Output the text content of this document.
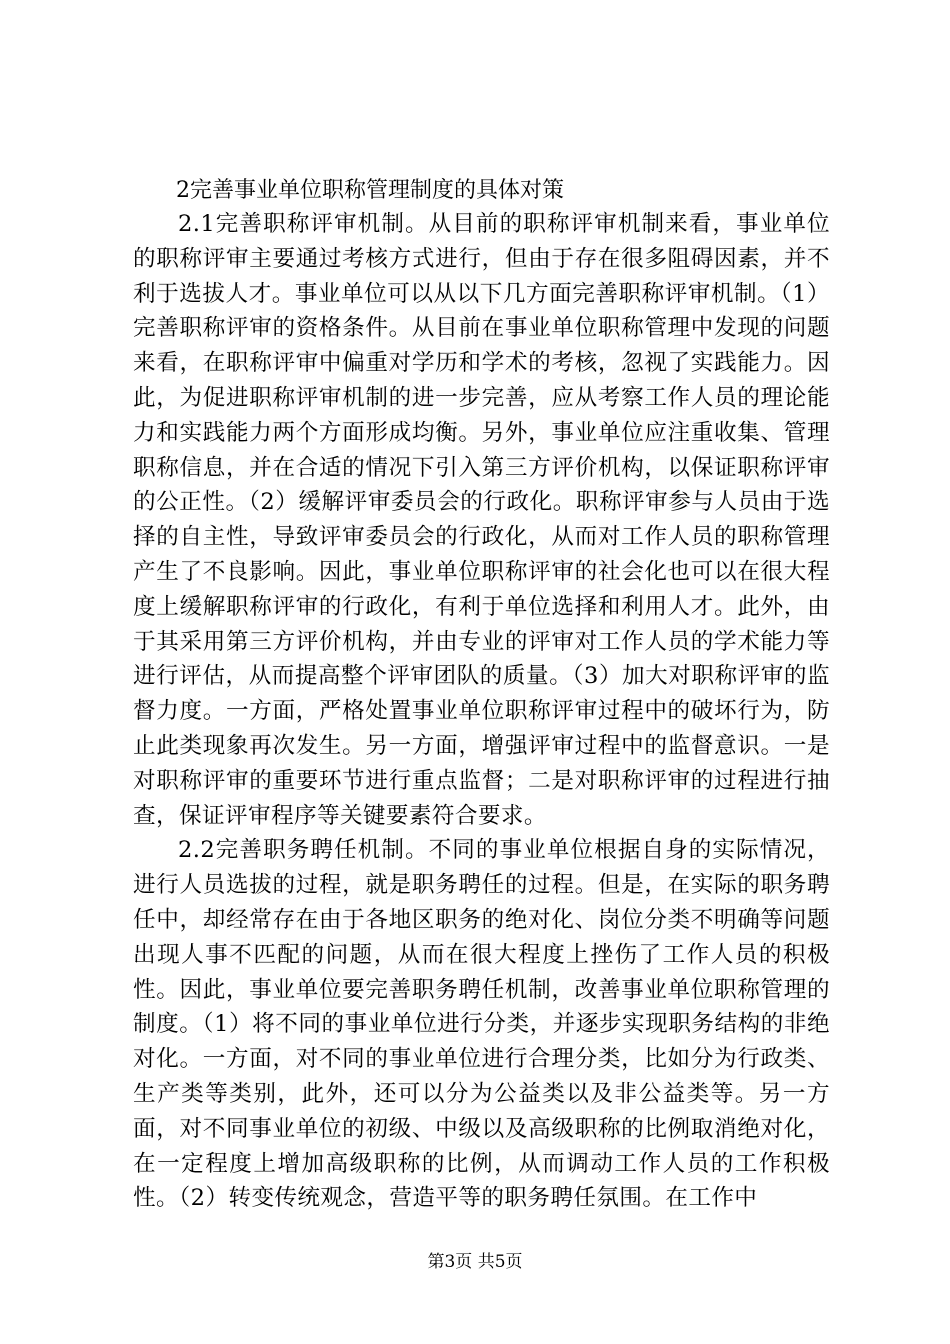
2完善事业单位职称管理制度的具体对策

2.1完善职称评审机制。从目前的职称评审机制来看，事业单位的职称评审主要通过考核方式进行，但由于存在很多阻碍因素，并不利于选拔人才。事业单位可以从以下几方面完善职称评审机制。（1）完善职称评审的资格条件。从目前在事业单位职称管理中发现的问题来看，在职称评审中偏重对学历和学术的考核，忽视了实践能力。因此，为促进职称评审机制的进一步完善，应从考察工作人员的理论能力和实践能力两个方面形成均衡。另外，事业单位应注重收集、管理职称信息，并在合适的情况下引入第三方评价机构，以保证职称评审的公正性。（2）缓解评审委员会的行政化。职称评审参与人员由于选择的自主性，导致评审委员会的行政化，从而对工作人员的职称管理产生了不良影响。因此，事业单位职称评审的社会化也可以在很大程度上缓解职称评审的行政化，有利于单位选择和利用人才。此外，由于其采用第三方评价机构，并由专业的评审对工作人员的学术能力等进行评估，从而提高整个评审团队的质量。（3）加大对职称评审的监督力度。一方面，严格处置事业单位职称评审过程中的破坏行为，防止此类现象再次发生。另一方面，增强评审过程中的监督意识。一是对职称评审的重要环节进行重点监督；二是对职称评审的过程进行抽查，保证评审程序等关键要素符合要求。

2.2完善职务聘任机制。不同的事业单位根据自身的实际情况，进行人员选拔的过程，就是职务聘任的过程。但是，在实际的职务聘任中，却经常存在由于各地区职务的绝对化、岗位分类不明确等问题出现人事不匹配的问题，从而在很大程度上挫伤了工作人员的积极性。因此，事业单位要完善职务聘任机制，改善事业单位职称管理的制度。（1）将不同的事业单位进行分类，并逐步实现职务结构的非绝对化。一方面，对不同的事业单位进行合理分类，比如分为行政类、生产类等类别，此外，还可以分为公益类以及非公益类等。另一方面，对不同事业单位的初级、中级以及高级职称的比例取消绝对化，在一定程度上增加高级职称的比例，从而调动工作人员的工作积极性。（2）转变传统观念，营造平等的职务聘任氛围。在工作中

第3页 共5页
